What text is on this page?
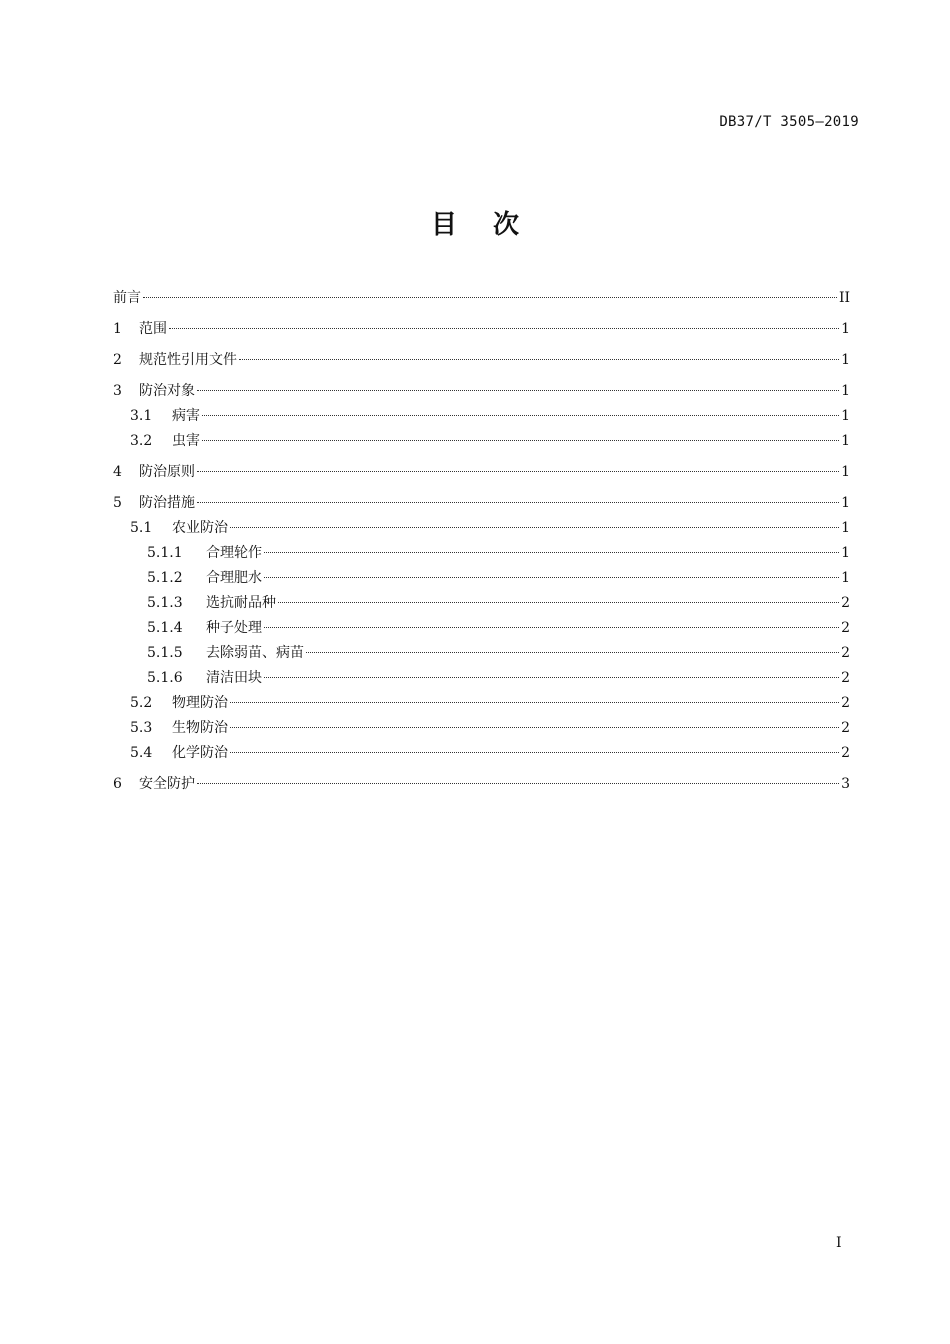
DB37/T 3505—2019
目次
前言	II
1	范围	1
2	规范性引用文件	1
3	防治对象	1
3.1	病害	1
3.2	虫害	1
4	防治原则	1
5	防治措施	1
5.1	农业防治	1
5.1.1	合理轮作	1
5.1.2	合理肥水	1
5.1.3	选抗耐品种	2
5.1.4	种子处理	2
5.1.5	去除弱苗、病苗	2
5.1.6	清洁田块	2
5.2	物理防治	2
5.3	生物防治	2
5.4	化学防治	2
6	安全防护	3
I
